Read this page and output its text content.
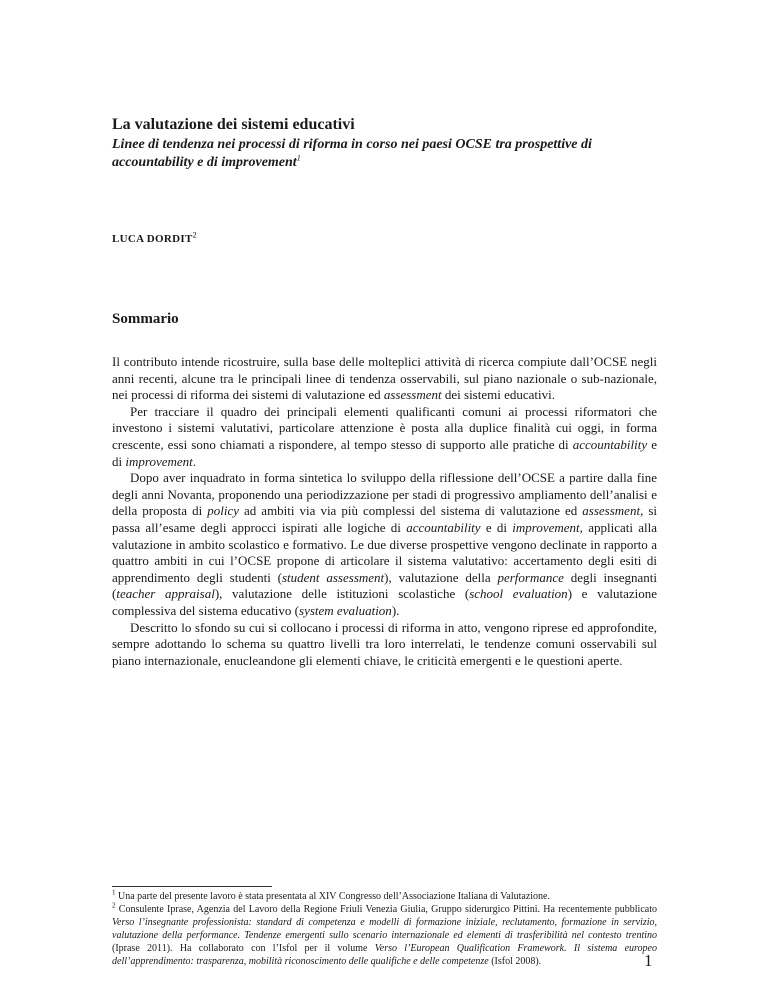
La valutazione dei sistemi educativi
Linee di tendenza nei processi di riforma in corso nei paesi OCSE tra prospettive di accountability e di improvement$^1$
LUCA DORDIT$^2$
Sommario

Il contributo intende ricostruire, sulla base delle molteplici attività di ricerca compiute dall’OCSE negli anni recenti, alcune tra le principali linee di tendenza osservabili, sul piano nazionale o sub-nazionale, nei processi di riforma dei sistemi di valutazione ed assessment dei sistemi educativi.

Per tracciare il quadro dei principali elementi qualificanti comuni ai processi riformatori che investono i sistemi valutativi, particolare attenzione è posta alla duplice finalità cui oggi, in forma crescente, essi sono chiamati a rispondere, al tempo stesso di supporto alle pratiche di accountability e di improvement.

Dopo aver inquadrato in forma sintetica lo sviluppo della riflessione dell’OCSE a partire dalla fine degli anni Novanta, proponendo una periodizzazione per stadi di progressivo ampliamento dell’analisi e della proposta di policy ad ambiti via via più complessi del sistema di valutazione ed assessment, si passa all’esame degli approcci ispirati alle logiche di accountability e di improvement, applicati alla valutazione in ambito scolastico e formativo. Le due diverse prospettive vengono declinate in rapporto a quattro ambiti in cui l’OCSE propone di articolare il sistema valutativo: accertamento degli esiti di apprendimento degli studenti (student assessment), valutazione della performance degli insegnanti (teacher appraisal), valutazione delle istituzioni scolastiche (school evaluation) e valutazione complessiva del sistema educativo (system evaluation).

Descritto lo sfondo su cui si collocano i processi di riforma in atto, vengono riprese ed approfondite, sempre adottando lo schema su quattro livelli tra loro interrelati, le tendenze comuni osservabili sul piano internazionale, enucleandone gli elementi chiave, le criticità emergenti e le questioni aperte.

$^1$ Una parte del presente lavoro è stata presentata al XIV Congresso dell’Associazione Italiana di Valutazione.

$^2$ Consulente Iprase, Agenzia del Lavoro della Regione Friuli Venezia Giulia, Gruppo siderurgico Pittini. Ha recentemente pubblicato Verso l’insegnante professionista: standard di competenza e modelli di formazione iniziale, reclutamento, formazione in servizio, valutazione della performance. Tendenze emergenti sullo scenario internazionale ed elementi di trasferibilità nel contesto trentino (Iprase 2011). Ha collaborato con l’Isfol per il volume Verso l’European Qualification Framework. Il sistema europeo dell’apprendimento: trasparenza, mobilità riconoscimento delle qualifiche e delle competenze (Isfol 2008).	1
